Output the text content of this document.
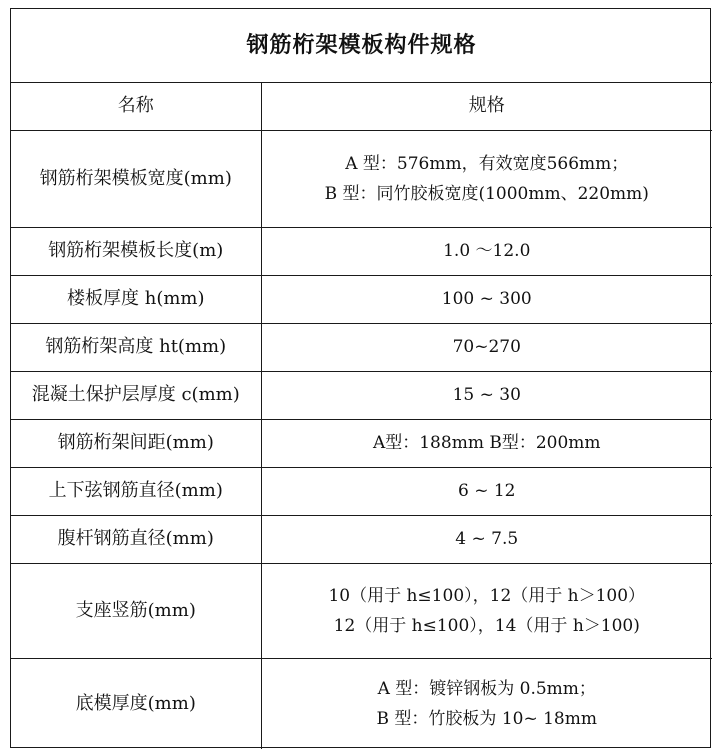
钢筋桁架模板构件规格	
名称	规格
钢筋桁架模板宽度(mm)	A 型：576mm，有效宽度566mm；
B 型：同竹胶板宽度(1000mm、220mm)

钢筋桁架模板长度(m)	1.0 ～12.0

楼板厚度 h(mm)	100 ~ 300

钢筋桁架高度 ht(mm)	70~270

混凝土保护层厚度 c(mm)	15 ~ 30

钢筋桁架间距(mm)	A型：188mm B型：200mm

上下弦钢筋直径(mm)	6 ~ 12

腹杆钢筋直径(mm)	4 ~ 7.5

支座竖筋(mm)	10（用于 h≤100），12（用于 h＞100）
12（用于 h≤100），14（用于 h＞100)

底模厚度(mm)	A 型：镀锌钢板为 0.5mm；
B 型：竹胶板为 10~ 18mm
